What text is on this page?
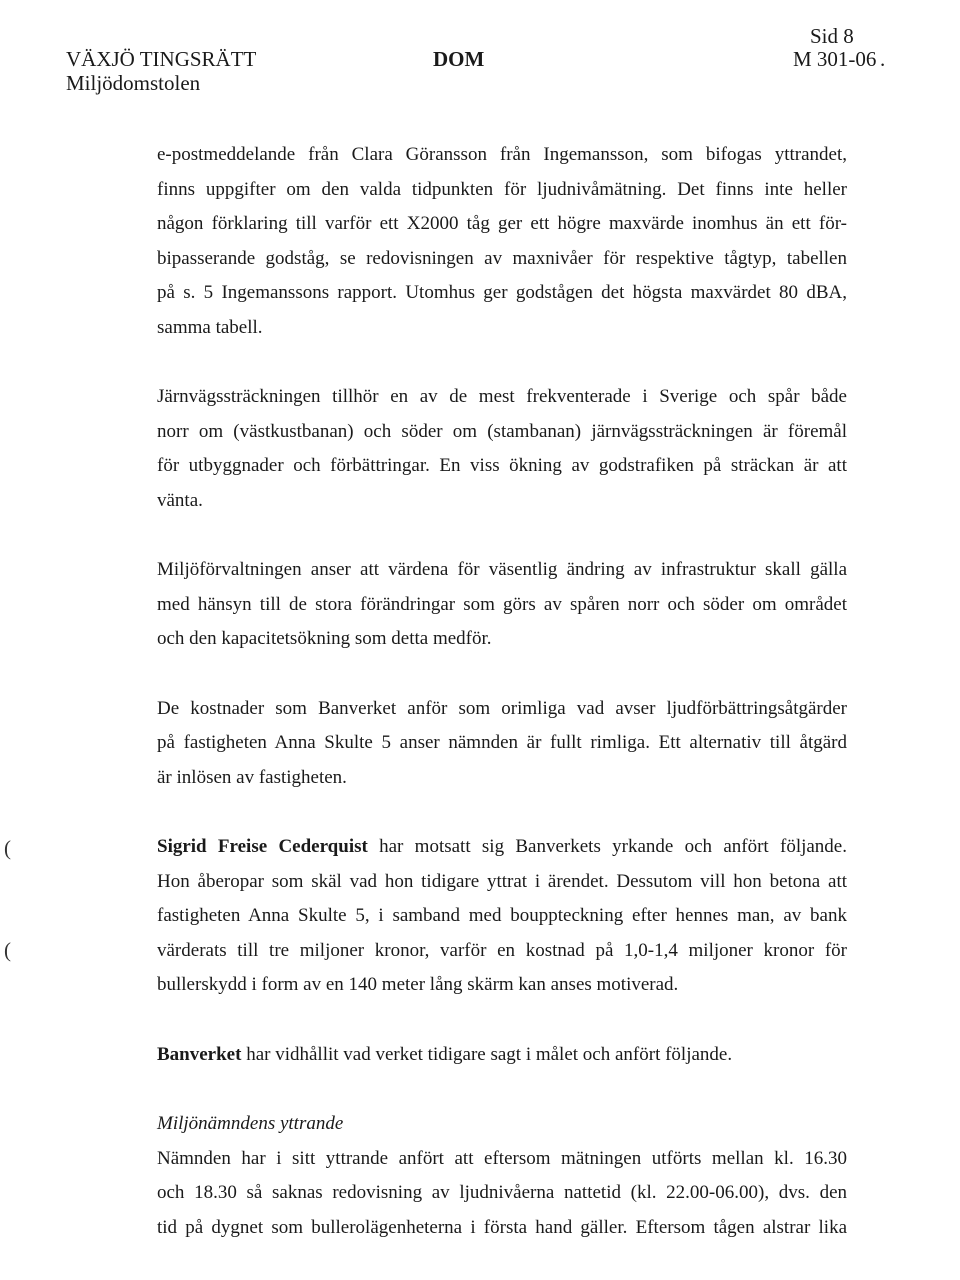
VÄXJÖ TINGSRÄTT
Miljödomstolen
DOM
Sid 8
M 301-06 .
(
(
e-postmeddelande från Clara Göransson från Ingemansson, som bifogas yttrandet,
finns uppgifter om den valda tidpunkten för ljudnivåmätning. Det finns inte heller
någon förklaring till varför ett X2000 tåg ger ett högre maxvärde inomhus än ett för-
bipasserande godståg, se redovisningen av maxnivåer för respektive tågtyp, tabellen
på s. 5 Ingemanssons rapport. Utomhus ger godstågen det högsta maxvärdet 80 dBA,
samma tabell.
Järnvägssträckningen tillhör en av de mest frekventerade i Sverige och spår både
norr om (västkustbanan) och söder om (stambanan) järnvägssträckningen är föremål
för utbyggnader och förbättringar. En viss ökning av godstrafiken på sträckan är att
vänta.
Miljöförvaltningen anser att värdena för väsentlig ändring av infrastruktur skall gälla
med hänsyn till de stora förändringar som görs av spåren norr och söder om området
och den kapacitetsökning som detta medför.
De kostnader som Banverket anför som orimliga vad avser ljudförbättringsåtgärder
på fastigheten Anna Skulte 5 anser nämnden är fullt rimliga. Ett alternativ till åtgärd
är inlösen av fastigheten.
Sigrid Freise Cederquist har motsatt sig Banverkets yrkande och anfört följande.
Hon åberopar som skäl vad hon tidigare yttrat i ärendet. Dessutom vill hon betona att
fastigheten Anna Skulte 5, i samband med bouppteckning efter hennes man, av bank
värderats till tre miljoner kronor, varför en kostnad på 1,0-1,4 miljoner kronor för
bullerskydd i form av en 140 meter lång skärm kan anses motiverad.
Banverket har vidhållit vad verket tidigare sagt i målet och anfört följande.
Miljönämndens yttrande
Nämnden har i sitt yttrande anfört att eftersom mätningen utförts mellan kl. 16.30
och 18.30 så saknas redovisning av ljudnivåerna nattetid (kl. 22.00-06.00), dvs. den
tid på dygnet som bullerolägenheterna i första hand gäller. Eftersom tågen alstrar lika
